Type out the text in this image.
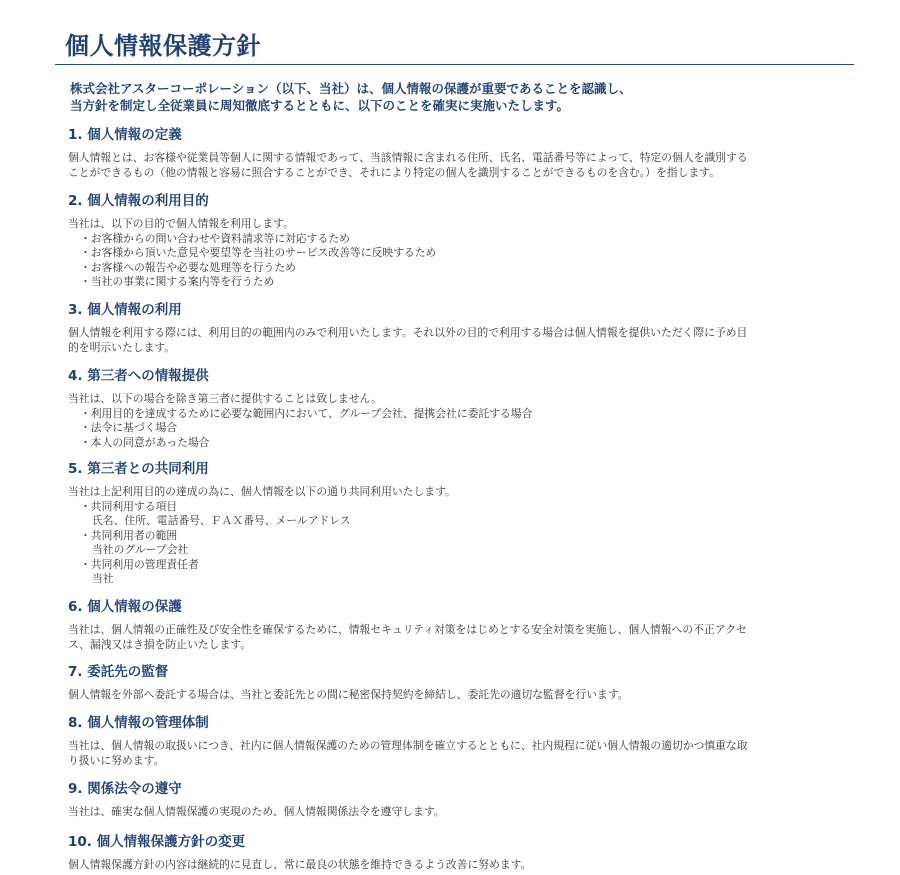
個人情報保護方針
株式会社アスターコーポレーション（以下、当社）は、個人情報の保護が重要であることを認識し、
当方針を制定し全従業員に周知徹底するとともに、以下のことを確実に実施いたします。
1. 個人情報の定義
個人情報とは、お客様や従業員等個人に関する情報であって、当該情報に含まれる住所、氏名、電話番号等によって、特定の個人を識別する
ことができるもの（他の情報と容易に照合することができ、それにより特定の個人を識別することができるものを含む。）を指します。
2. 個人情報の利用目的
当社は、以下の目的で個人情報を利用します。
・お客様からの問い合わせや資料請求等に対応するため
・お客様から頂いた意見や要望等を当社のサービス改善等に反映するため
・お客様への報告や必要な処理等を行うため
・当社の事業に関する案内等を行うため
3. 個人情報の利用
個人情報を利用する際には、利用目的の範囲内のみで利用いたします。それ以外の目的で利用する場合は個人情報を提供いただく際に予め目
的を明示いたします。
4. 第三者への情報提供
当社は、以下の場合を除き第三者に提供することは致しません。
・利用目的を達成するために必要な範囲内において、グループ会社、提携会社に委託する場合
・法令に基づく場合
・本人の同意があった場合
5. 第三者との共同利用
当社は上記利用目的の達成の為に、個人情報を以下の通り共同利用いたします。
・共同利用する項目
氏名、住所、電話番号、ＦＡＸ番号、メールアドレス
・共同利用者の範囲
当社のグループ会社
・共同利用の管理責任者
当社
6. 個人情報の保護
当社は、個人情報の正確性及び安全性を確保するために、情報セキュリティ対策をはじめとする安全対策を実施し、個人情報への不正アクセ
ス、漏洩又はき損を防止いたします。
7. 委託先の監督
個人情報を外部へ委託する場合は、当社と委託先との間に秘密保持契約を締結し、委託先の適切な監督を行います。
8. 個人情報の管理体制
当社は、個人情報の取扱いにつき、社内に個人情報保護のための管理体制を確立するとともに、社内規程に従い個人情報の適切かつ慎重な取
り扱いに努めます。
9. 関係法令の遵守
当社は、確実な個人情報保護の実現のため、個人情報関係法令を遵守します。
10. 個人情報保護方針の変更
個人情報保護方針の内容は継続的に見直し、常に最良の状態を維持できるよう改善に努めます。
